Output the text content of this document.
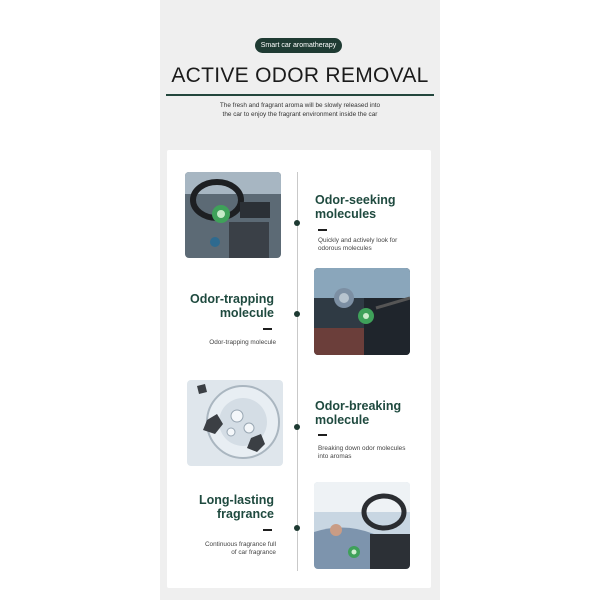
Smart car aromatherapy
ACTIVE ODOR REMOVAL
The fresh and fragrant aroma will be slowly released into
the car to enjoy the fragrant environment inside the car
Odor-seeking
molecules
Quickly and actively look for
odorous molecules
Odor-trapping
molecule
Odor-trapping molecule
Odor-breaking
molecule
Breaking down odor molecules
into aromas
Long-lasting
fragrance
Continuous fragrance full
of car fragrance
